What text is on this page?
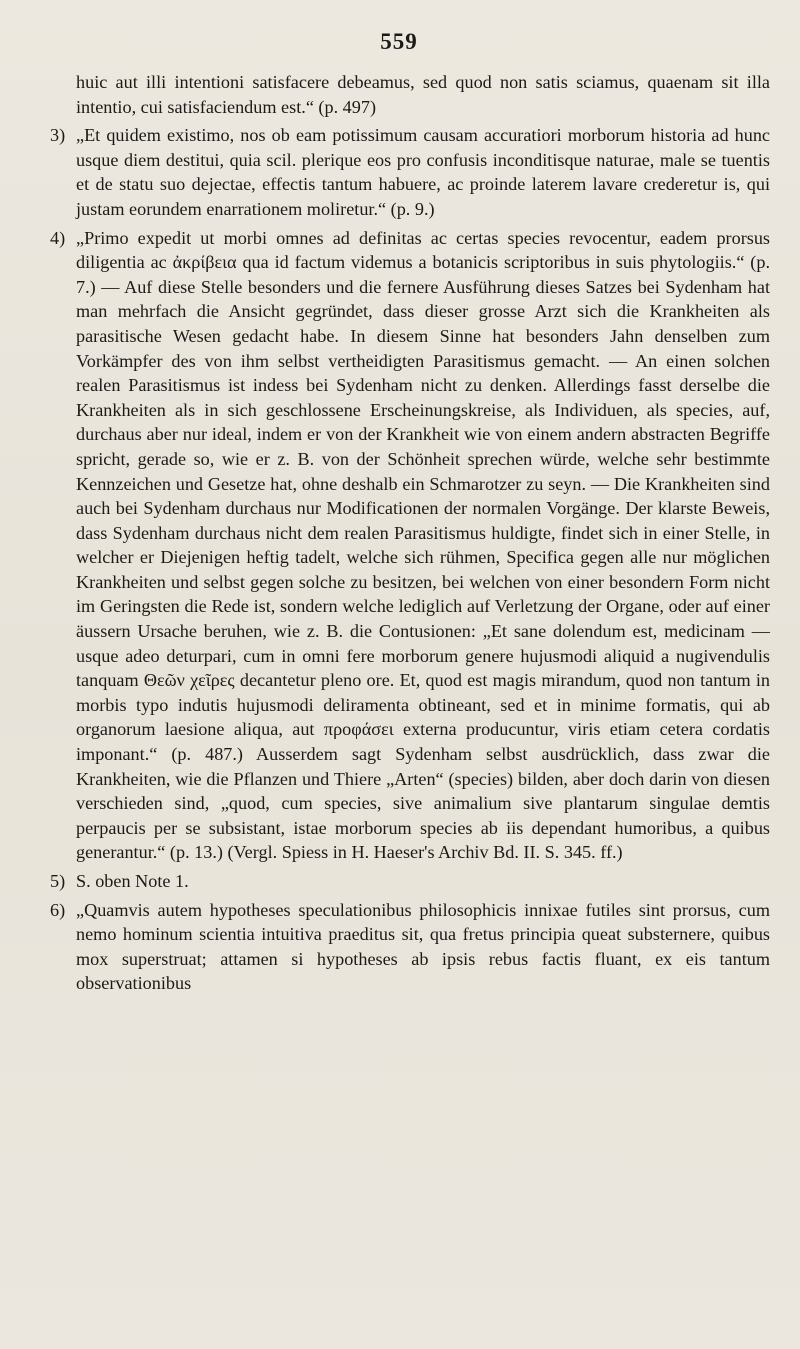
559
huic aut illi intentioni satisfacere debeamus, sed quod non satis sciamus, quaenam sit illa intentio, cui satisfaciendum est.“ (p. 497)
3) „Et quidem existimo, nos ob eam potissimum causam accuratiori morborum historia ad hunc usque diem destitui, quia scil. plerique eos pro confusis inconditisque naturae, male se tuentis et de statu suo dejectae, effectis tantum habuere, ac proinde laterem lavare crederetur is, qui justam eorundem enarrationem moliretur.“ (p. 9.)
4) „Primo expedit ut morbi omnes ad definitas ac certas species revocentur, eadem prorsus diligentia ac ἀκρίβεια qua id factum videmus a botanicis scriptoribus in suis phytologiis.“ (p. 7.) — Auf diese Stelle besonders und die fernere Ausführung dieses Satzes bei Sydenham hat man mehrfach die Ansicht gegründet, dass dieser grosse Arzt sich die Krankheiten als parasitische Wesen gedacht habe. In diesem Sinne hat besonders Jahn denselben zum Vorkämpfer des von ihm selbst vertheidigten Parasitismus gemacht. — An einen solchen realen Parasitismus ist indess bei Sydenham nicht zu denken. Allerdings fasst derselbe die Krankheiten als in sich geschlossene Erscheinungskreise, als Individuen, als species, auf, durchaus aber nur ideal, indem er von der Krankheit wie von einem andern abstracten Begriffe spricht, gerade so, wie er z. B. von der Schönheit sprechen würde, welche sehr bestimmte Kennzeichen und Gesetze hat, ohne deshalb ein Schmarotzer zu seyn. — Die Krankheiten sind auch bei Sydenham durchaus nur Modificationen der normalen Vorgänge. Der klarste Beweis, dass Sydenham durchaus nicht dem realen Parasitismus huldigte, findet sich in einer Stelle, in welcher er Diejenigen heftig tadelt, welche sich rühmen, Specifica gegen alle nur möglichen Krankheiten und selbst gegen solche zu besitzen, bei welchen von einer besondern Form nicht im Geringsten die Rede ist, sondern welche lediglich auf Verletzung der Organe, oder auf einer äussern Ursache beruhen, wie z. B. die Contusionen: „Et sane dolendum est, medicinam — usque adeo deturpari, cum in omni fere morborum genere hujusmodi aliquid a nugivendulis tanquam Θεῶν χεῖρες decantetur pleno ore. Et, quod est magis mirandum, quod non tantum in morbis typo indutis hujusmodi deliramenta obtineant, sed et in minime formatis, qui ab organorum laesione aliqua, aut προφάσει externa producuntur, viris etiam cetera cordatis imponant.“ (p. 487.) Ausserdem sagt Sydenham selbst ausdrücklich, dass zwar die Krankheiten, wie die Pflanzen und Thiere „Arten“ (species) bilden, aber doch darin von diesen verschieden sind, „quod, cum species, sive animalium sive plantarum singulae demtis perpaucis per se subsistant, istae morborum species ab iis dependant humoribus, a quibus generantur.“ (p. 13.) (Vergl. Spiess in H. Haeser's Archiv Bd. II. S. 345. ff.)
5) S. oben Note 1.
6) „Quamvis autem hypotheses speculationibus philosophicis innixae futiles sint prorsus, cum nemo hominum scientia intuitiva praeditus sit, qua fretus principia queat substernere, quibus mox superstruat; attamen si hypotheses ab ipsis rebus factis fluant, ex eis tantum observationibus
